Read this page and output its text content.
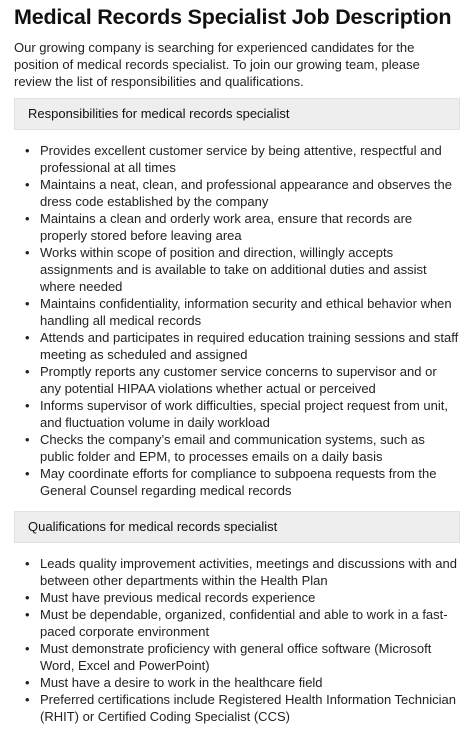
Medical Records Specialist Job Description

Our growing company is searching for experienced candidates for the position of medical records specialist. To join our growing team, please review the list of responsibilities and qualifications.

Responsibilities for medical records specialist
• Provides excellent customer service by being attentive, respectful and professional at all times
• Maintains a neat, clean, and professional appearance and observes the dress code established by the company
• Maintains a clean and orderly work area, ensure that records are properly stored before leaving area
• Works within scope of position and direction, willingly accepts assignments and is available to take on additional duties and assist where needed
• Maintains confidentiality, information security and ethical behavior when handling all medical records
• Attends and participates in required education training sessions and staff meeting as scheduled and assigned
• Promptly reports any customer service concerns to supervisor and or any potential HIPAA violations whether actual or perceived
• Informs supervisor of work difficulties, special project request from unit, and fluctuation volume in daily workload
• Checks the company’s email and communication systems, such as public folder and EPM, to processes emails on a daily basis
• May coordinate efforts for compliance to subpoena requests from the General Counsel regarding medical records
Qualifications for medical records specialist
• Leads quality improvement activities, meetings and discussions with and between other departments within the Health Plan
• Must have previous medical records experience
• Must be dependable, organized, confidential and able to work in a fast-paced corporate environment
• Must demonstrate proficiency with general office software (Microsoft Word, Excel and PowerPoint)
• Must have a desire to work in the healthcare field
• Preferred certifications include Registered Health Information Technician (RHIT) or Certified Coding Specialist (CCS)
